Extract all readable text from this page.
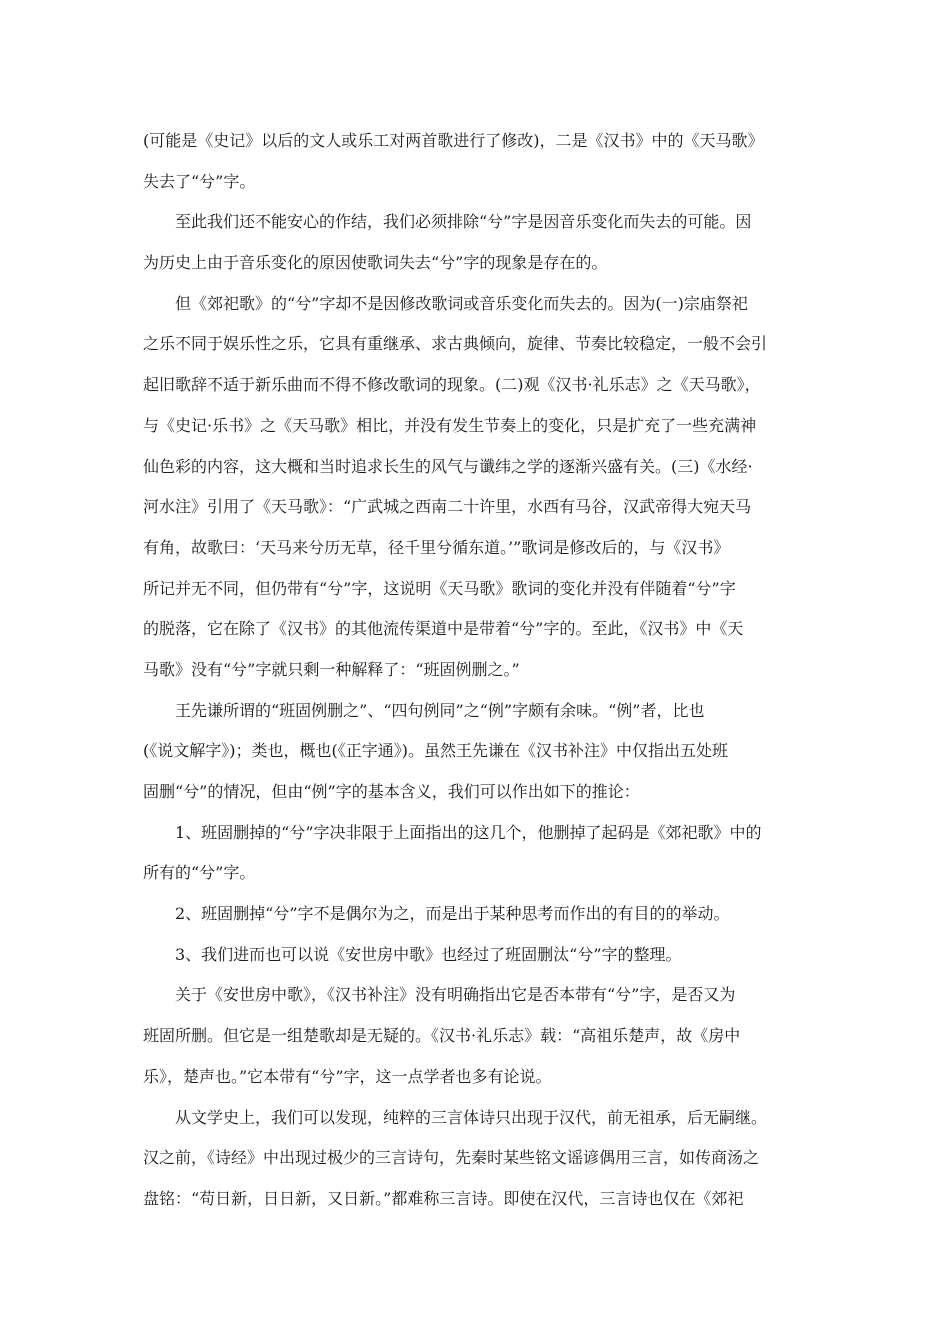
(可能是《史记》以后的文人或乐工对两首歌进行了修改)，二是《汉书》中的《天马歌》
失去了“兮”字。
至此我们还不能安心的作结，我们必须排除“兮”字是因音乐变化而失去的可能。因
为历史上由于音乐变化的原因使歌词失去“兮”字的现象是存在的。
但《郊祀歌》的“兮”字却不是因修改歌词或音乐变化而失去的。因为(一)宗庙祭祀
之乐不同于娱乐性之乐，它具有重继承、求古典倾向，旋律、节奏比较稳定，一般不会引
起旧歌辞不适于新乐曲而不得不修改歌词的现象。(二)观《汉书·礼乐志》之《天马歌》，
与《史记·乐书》之《天马歌》相比，并没有发生节奏上的变化，只是扩充了一些充满神
仙色彩的内容，这大概和当时追求长生的风气与谶纬之学的逐渐兴盛有关。(三)《水经·
河水注》引用了《天马歌》：“广武城之西南二十许里，水西有马谷，汉武帝得大宛天马
有角，故歌曰：‘天马来兮历无草，径千里兮循东道。’”歌词是修改后的，与《汉书》
所记并无不同，但仍带有“兮”字，这说明《天马歌》歌词的变化并没有伴随着“兮”字
的脱落，它在除了《汉书》的其他流传渠道中是带着“兮”字的。至此，《汉书》中《天
马歌》没有“兮”字就只剩一种解释了：“班固例删之。”
王先谦所谓的“班固例删之”、“四句例同”之“例”字颇有余味。“例”者，比也
(《说文解字》)；类也，概也(《正字通》)。虽然王先谦在《汉书补注》中仅指出五处班
固删“兮”的情况，但由“例”字的基本含义，我们可以作出如下的推论：
1、班固删掉的“兮”字决非限于上面指出的这几个，他删掉了起码是《郊祀歌》中的
所有的“兮”字。
2、班固删掉“兮”字不是偶尔为之，而是出于某种思考而作出的有目的的举动。
3、我们进而也可以说《安世房中歌》也经过了班固删汰“兮”字的整理。
关于《安世房中歌》，《汉书补注》没有明确指出它是否本带有“兮”字，是否又为
班固所删。但它是一组楚歌却是无疑的。《汉书·礼乐志》载：“高祖乐楚声，故《房中
乐》，楚声也。”它本带有“兮”字，这一点学者也多有论说。
从文学史上，我们可以发现，纯粹的三言体诗只出现于汉代，前无祖承，后无嗣继。
汉之前，《诗经》中出现过极少的三言诗句，先秦时某些铭文谣谚偶用三言，如传商汤之
盘铭：“苟日新，日日新，又日新。”都难称三言诗。即使在汉代，三言诗也仅在《郊祀
